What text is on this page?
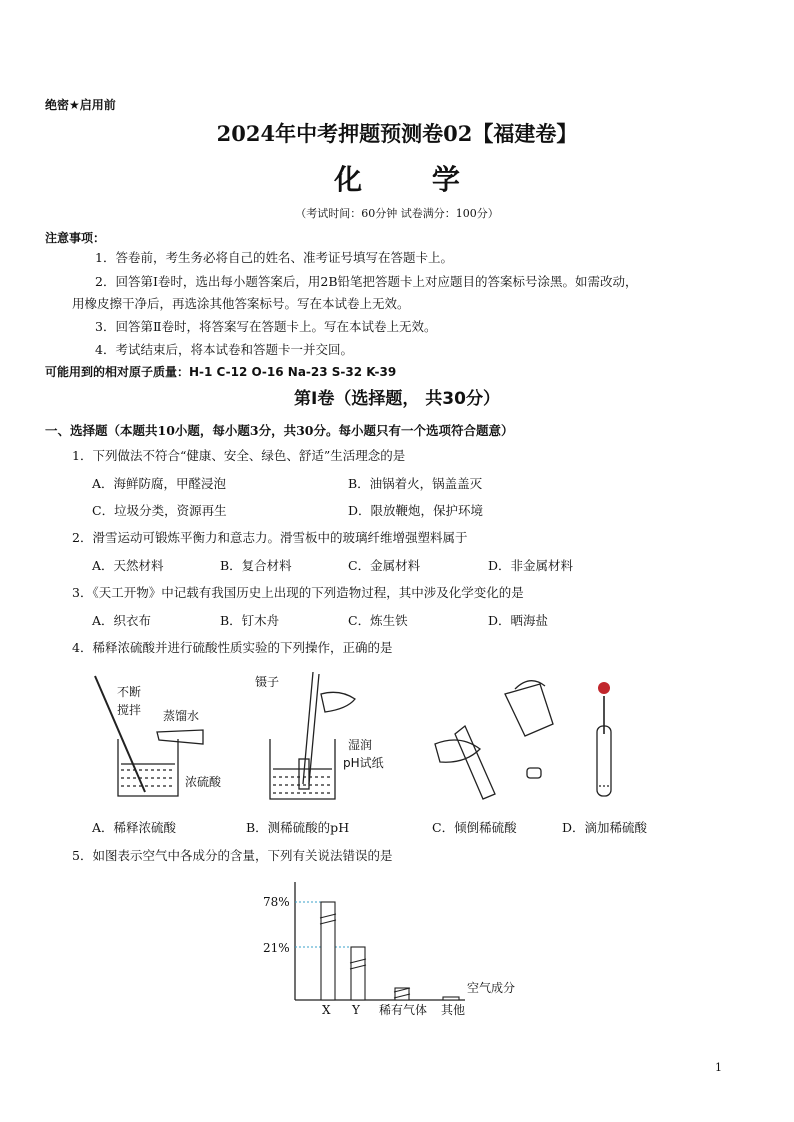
绝密★启用前
2024年中考押题预测卷02【福建卷】
化 学
（考试时间：60分钟 试卷满分：100分）
注意事项：
1．答卷前，考生务必将自己的姓名、准考证号填写在答题卡上。
2．回答第Ⅰ卷时，选出每小题答案后，用2B铅笔把答题卡上对应题目的答案标号涂黑。如需改动，
用橡皮擦干净后，再选涂其他答案标号。写在本试卷上无效。
3．回答第Ⅱ卷时，将答案写在答题卡上。写在本试卷上无效。
4．考试结束后，将本试卷和答题卡一并交回。
可能用到的相对原子质量：H-1 C-12 O-16 Na-23 S-32 K-39
第Ⅰ卷（选择题， 共30分）
一、选择题（本题共10小题，每小题3分，共30分。每小题只有一个选项符合题意）
1．下列做法不符合“健康、安全、绿色、舒适”生活理念的是
A．海鲜防腐，甲醛浸泡	B．油锅着火，锅盖盖灭
C．垃圾分类，资源再生	D．限放鞭炮，保护环境
2．滑雪运动可锻炼平衡力和意志力。滑雪板中的玻璃纤维增强塑料属于
A．天然材料	B．复合材料	C．金属材料	D．非金属材料
3．《天工开物》中记载有我国历史上出现的下列造物过程，其中涉及化学变化的是
A．织衣布	B．钉木舟	C．炼生铁	D．晒海盐
4．稀释浓硫酸并进行硫酸性质实验的下列操作，正确的是
不断
搅拌 蒸馏水
浓硫酸
镊子
湿润
pH试纸
A．稀释浓硫酸	B．测稀硫酸的pH	C．倾倒稀硫酸	D．滴加稀硫酸
5．如图表示空气中各成分的含量，下列有关说法错误的是
78%
21%
X Y 稀有气体 其他
空气成分
1
